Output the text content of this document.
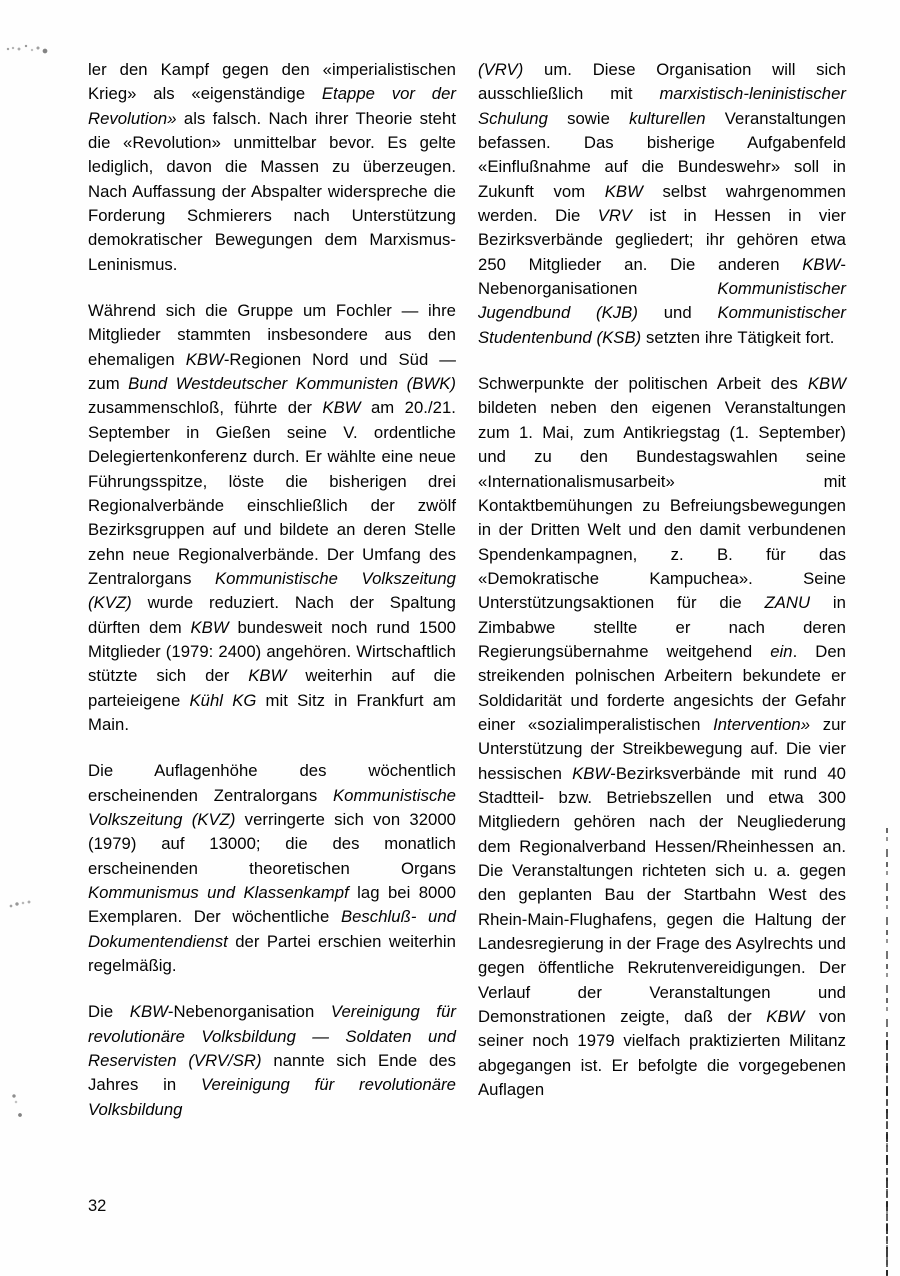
ler den Kampf gegen den «imperialistischen Krieg» als «eigenständige Etappe vor der Revolution» als falsch. Nach ihrer Theorie steht die «Revolution» unmittelbar bevor. Es gelte lediglich, davon die Massen zu überzeugen. Nach Auffassung der Abspalter widerspreche die Forderung Schmierers nach Unterstützung demokratischer Bewegungen dem Marxismus-Leninismus.

Während sich die Gruppe um Fochler — ihre Mitglieder stammten insbesondere aus den ehemaligen KBW-Regionen Nord und Süd — zum Bund Westdeutscher Kommunisten (BWK) zusammenschloß, führte der KBW am 20./21. September in Gießen seine V. ordentliche Delegiertenkonferenz durch. Er wählte eine neue Führungsspitze, löste die bisherigen drei Regionalverbände einschließlich der zwölf Bezirksgruppen auf und bildete an deren Stelle zehn neue Regionalverbände. Der Umfang des Zentralorgans Kommunistische Volkszeitung (KVZ) wurde reduziert. Nach der Spaltung dürften dem KBW bundesweit noch rund 1500 Mitglieder (1979: 2400) angehören. Wirtschaftlich stützte sich der KBW weiterhin auf die parteieigene Kühl KG mit Sitz in Frankfurt am Main.

Die Auflagenhöhe des wöchentlich erscheinenden Zentralorgans Kommunistische Volkszeitung (KVZ) verringerte sich von 32000 (1979) auf 13000; die des monatlich erscheinenden theoretischen Organs Kommunismus und Klassenkampf lag bei 8000 Exemplaren. Der wöchentliche Beschluß- und Dokumentendienst der Partei erschien weiterhin regelmäßig.

Die KBW-Nebenorganisation Vereinigung für revolutionäre Volksbildung — Soldaten und Reservisten (VRV/SR) nannte sich Ende des Jahres in Vereinigung für revolutionäre Volksbildung

(VRV) um. Diese Organisation will sich ausschließlich mit marxistisch-leninistischer Schulung sowie kulturellen Veranstaltungen befassen. Das bisherige Aufgabenfeld «Einflußnahme auf die Bundeswehr» soll in Zukunft vom KBW selbst wahrgenommen werden. Die VRV ist in Hessen in vier Bezirksverbände gegliedert; ihr gehören etwa 250 Mitglieder an. Die anderen KBW-Nebenorganisationen Kommunistischer Jugendbund (KJB) und Kommunistischer Studentenbund (KSB) setzten ihre Tätigkeit fort.

Schwerpunkte der politischen Arbeit des KBW bildeten neben den eigenen Veranstaltungen zum 1. Mai, zum Antikriegstag (1. September) und zu den Bundestagswahlen seine «Internationalismusarbeit» mit Kontaktbemühungen zu Befreiungsbewegungen in der Dritten Welt und den damit verbundenen Spendenkampagnen, z. B. für das «Demokratische Kampuchea». Seine Unterstützungsaktionen für die ZANU in Zimbabwe stellte er nach deren Regierungsübernahme weitgehend ein. Den streikenden polnischen Arbeitern bekundete er Soldidarität und forderte angesichts der Gefahr einer «sozialimperalistischen Intervention» zur Unterstützung der Streikbewegung auf. Die vier hessischen KBW-Bezirksverbände mit rund 40 Stadtteil- bzw. Betriebszellen und etwa 300 Mitgliedern gehören nach der Neugliederung dem Regionalverband Hessen/Rheinhessen an. Die Veranstaltungen richteten sich u. a. gegen den geplanten Bau der Startbahn West des Rhein-Main-Flughafens, gegen die Haltung der Landesregierung in der Frage des Asylrechts und gegen öffentliche Rekrutenvereidigungen. Der Verlauf der Veranstaltungen und Demonstrationen zeigte, daß der KBW von seiner noch 1979 vielfach praktizierten Militanz abgegangen ist. Er befolgte die vorgegebenen Auflagen

32
